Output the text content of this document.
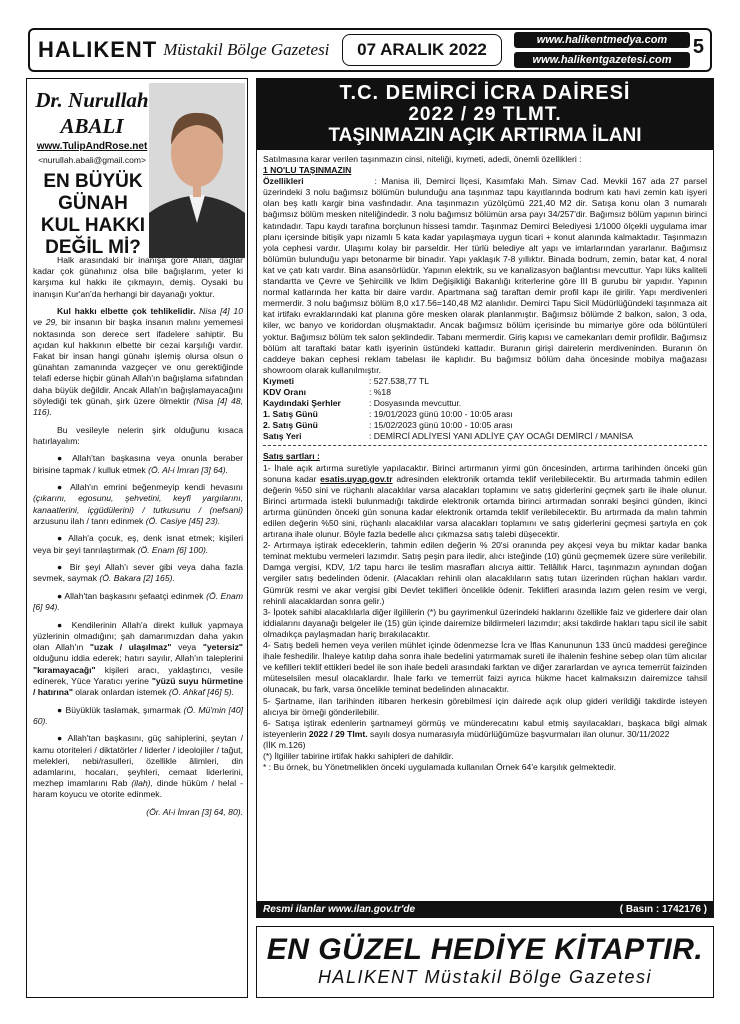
HALIKENT Müstakil Bölge Gazetesi	07 ARALIK 2022	www.halikentmedya.com
www.halikentgazetesi.com
5
Dr. Nurullah
ABALI
www.TulipAndRose.net
<nurullah.abali@gmail.com>
EN BÜYÜK
GÜNAH
KUL HAKKI
DEĞİL Mİ?

Halk arasındaki bir inanışa göre Allah, dağlar kadar çok günahınız olsa bile bağışlarım, yeter ki karşıma kul hakkı ile çıkmayın, demiş. Oysaki bu inanışın Kur'an'da herhangi bir dayanağı yoktur.

Kul hakkı elbette çok tehlikelidir. Nisa [4] 10 ve 29, bir insanın bir başka insanın malını yememesi noktasında son derece sert ifadelere sahiptir. Bu açıdan kul hakkının elbette bir cezai karşılığı vardır. Fakat bir insan hangi günahı işlemiş olursa olsun o günahtan zamanında vazgeçer ve onu gerektiğinde telafi ederse hiçbir günah Allah'ın bağışlama sıfatından daha büyük değildir. Ancak Allah'ın bağışlamayacağını söylediği tek günah, şirk üzere ölmektir (Nisa [4] 48, 116).

Bu vesileyle nelerin şirk olduğunu kısaca hatırlayalım:

● Allah'tan başkasına veya onunla beraber birisine tapmak / kulluk etmek (Ö. Al-i İmran [3] 64).

● Allah'ın emrini beğenmeyip kendi hevasını (çıkarını, egosunu, şehvetini, keyfi yargılarını, kanaatlerini, içgüdülerini) / tutkusunu / (nefsani) arzusunu ilah / tanrı edinmek (Ö. Casiye [45] 23).

● Allah'a çocuk, eş, denk isnat etmek; kişileri veya bir şeyi tanrılaştırmak (Ö. Enam [6] 100).

● Bir şeyi Allah'ı sever gibi veya daha fazla sevmek, saymak (Ö. Bakara [2] 165).

● Allah'tan başkasını şefaatçi edinmek (Ö. Enam [6] 94).

● Kendilerinin Allah'a direkt kulluk yapmaya yüzlerinin olmadığını; şah damarımızdan daha yakın olan Allah'ın "uzak / ulaşılmaz" veya "yetersiz" olduğunu iddia ederek; hatırı sayılır, Allah'ın taleplerini "kıramayacağı" kişileri aracı, yaklaştırıcı, vesile edinerek, Yüce Yaratıcı yerine "yüzü suyu hürmetine / hatırına" olarak onlardan istemek (Ö. Ahkaf [46] 5).

● Büyüklük taslamak, şımarmak (Ö. Mü'min [40] 60).

● Allah'tan başkasını, güç sahiplerini, şeytan / kamu otoriteleri / diktatörler / liderler / ideolojiler / tağut, melekleri, nebi/rasulleri, özellikle âlimleri, din adamlarını, hocaları, şeyhleri, cemaat liderlerini, mezhep imamlarını Rab (ilah), dinde hüküm / helal - haram koyucu ve otorite edinmek.

(Ör. Al-i İmran [3] 64, 80).

T.C. DEMİRCİ İCRA DAİRESİ
2022 / 29 TLMT.
TAŞINMAZIN AÇIK ARTIRMA İLANI
Satılmasına karar verilen taşınmazın cinsi, niteliği, kıymeti, adedi, önemli özellikleri :
1 NO'LU TAŞINMAZIN
Özellikleri	: Manisa ili, Demirci İlçesi, Kasımfakı Mah. Simav Cad. Mevkii 167 ada 27 parsel üzerindeki 3 nolu bağımsız bölümün bulunduğu ana taşınmaz tapu kayıtlarında bodrum katı havi zemin katı işyeri olan beş katlı kargir bina vasfındadır. Ana taşınmazın yüzölçümü 221,40 M2 dir. Satışa konu olan 3 numaralı bağımsız bölüm mesken niteliğindedir. 3 nolu bağımsız bölümün arsa payı 34/257'dir. Bağımsız bölüm yapının birinci katındadır. Tapu kaydı tarafına borçlunun hissesi tamdır. Taşınmaz Demirci Belediyesi 1/1000 ölçekli uygulama imar planı içersinde bitişik yapı nizamlı 5 kata kadar yapılaşmaya uygun ticari + konut alanında kalmaktadır. Taşınmazın yola cephesi vardır. Ulaşımı kolay bir parseldir. Her türlü belediye alt yapı ve imlarlarından yararlanır. Bağımsız bölümün bulunduğu yapı betonarme bir binadır. Yapı yaklaşık 7-8 yıllıktır. Binada bodrum, zemin, batar kat, 4 noral kat ve çatı katı vardır. Bina asansörlüdür. Yapının elektrik, su ve kanalizasyon bağlantısı mevcuttur. Yapı lüks kaliteli standartta ve Çevre ve Şehircilik ve İklim Değişikliği Bakanlığı kriterlerine göre III B gurubu bir yapıdır. Yapının normal katlarında her katta bir daire vardır. Apartmana sağ taraftan demir profil kapı ile girilir. Yapı merdivenleri mermerdir. 3 nolu bağımsız bölüm 8,0 x17.56=140,48 M2 alanlıdır. Demirci Tapu Sicil Müdürlüğündeki taşınmaza ait kat irtifakı evraklarındaki kat planına göre mesken olarak planlanmıştır. Bağımsız bölümde 2 balkon, salon, 3 oda, kiler, wc banyo ve koridordan oluşmaktadır. Ancak bağımsız bölüm içerisinde bu mimariye göre oda bölüntüleri yoktur. Bağımsız bölüm tek salon şeklindedir. Tabanı mermerdir. Giriş kapısı ve camekanları demir profildir. Bağımsız bölüm alt taraftaki batar katlı işyerinin üstündeki kattadır. Buranın girişi dairelerin merdiveninden. Buranın ön caddeye bakan cephesi reklam tabelası ile kaplıdır. Bu bağımsız bölüm daha öncesinde mobilya mağazası showroom olarak kullanılmıştır.
Kıymeti	: 527.538,77 TL
KDV Oranı	: %18
Kaydındaki Şerhler	: Dosyasında mevcuttur.
1. Satış Günü	: 19/01/2023 günü 10:00 - 10:05 arası
2. Satış Günü	: 15/02/2023 günü 10:00 - 10:05 arası
Satış Yeri	: DEMİRCİ ADLİYESİ YANI ADLİYE ÇAY OCAĞI DEMİRCİ / MANİSA
Satış şartları :

1- İhale açık artırma suretiyle yapılacaktır. Birinci artırmanın yirmi gün öncesinden, artırma tarihinden önceki gün sonuna kadar esatis.uyap.gov.tr adresinden elektronik ortamda teklif verilebilecektir. Bu artırmada tahmin edilen değerin %50 sini ve rüçhanlı alacaklılar varsa alacakları toplamını ve satış giderlerini geçmek şartı ile ihale olunur. Birinci artırmada istekli bulunmadığı takdirde elektronik ortamda birinci artırmadan sonraki beşinci günden, ikinci artırma gününden önceki gün sonuna kadar elektronik ortamda teklif verilebilecektir. Bu artırmada da malın tahmin edilen değerin %50 sini, rüçhanlı alacaklılar varsa alacakları toplamını ve satış giderlerini geçmesi şartıyla en çok artırana ihale olunur. Böyle fazla bedelle alıcı çıkmazsa satış talebi düşecektir.

2- Artırmaya iştirak edeceklerin, tahmin edilen değerin % 20'si oranında pey akçesi veya bu miktar kadar banka teminat mektubu vermeleri lazımdır. Satış peşin para iledir, alıcı isteğinde (10) günü geçmemek üzere süre verilebilir. Damga vergisi, KDV, 1/2 tapu harcı ile teslim masrafları alıcıya aittir. Tellâllık Harcı, taşınmazın aynından doğan vergiler satış bedelinden ödenir. (Alacakları rehinli olan alacaklıların satış tutarı üzerinden rüçhan hakları vardır. Gümrük resmi ve akar vergisi gibi Devlet teklifleri öncelikle ödenir. Teklifleri arasında lazım gelen resim ve vergi, rehinli alacaklardan sonra gelir.)

3- İpotek sahibi alacaklılarla diğer ilgililerin (*) bu gayrimenkul üzerindeki haklarını özellikle faiz ve giderlere dair olan iddialarını dayanağı belgeler ile (15) gün içinde dairemize bildirmeleri lazımdır; aksi takdirde hakları tapu sicil ile sabit olmadıkça paylaşmadan hariç bırakılacaktır.

4- Satış bedeli hemen veya verilen mühlet içinde ödenmezse İcra ve İflas Kanununun 133 üncü maddesi gereğince ihale feshedilir. İhaleye katılıp daha sonra ihale bedelini yatırmamak sureti ile ihalenin feshine sebep olan tüm alıcılar ve kefilleri teklif ettikleri bedel ile son ihale bedeli arasındaki farktan ve diğer zararlardan ve ayrıca temerrüt faizinden müteselsilen mesul olacaklardır. İhale farkı ve temerrüt faizi ayrıca hükme hacet kalmaksızın dairemizce tahsil olunacak, bu fark, varsa öncelikle teminat bedelinden alınacaktır.

5- Şartname, ilan tarihinden itibaren herkesin görebilmesi için dairede açık olup gideri verildiği takdirde isteyen alıcıya bir örneği gönderilebilir.

6- Satışa iştirak edenlerin şartnameyi görmüş ve münderecatını kabul etmiş sayılacakları, başkaca bilgi almak isteyenlerin 2022 / 29 Tlmt. sayılı dosya numarasıyla müdürlüğümüze başvurmaları ilan olunur. 30/11/2022

(İİK m.126)

(*) İlgililer tabirine irtifak hakkı sahipleri de dahildir.

* : Bu örnek, bu Yönetmeliklen önceki uygulamada kullanılan Örnek 64'e karşılık gelmektedir.

Resmi ilanlar www.ilan.gov.tr'de	( Basın : 1742176 )
EN GÜZEL HEDİYE KİTAPTIR.
HALIKENT Müstakil Bölge Gazetesi
